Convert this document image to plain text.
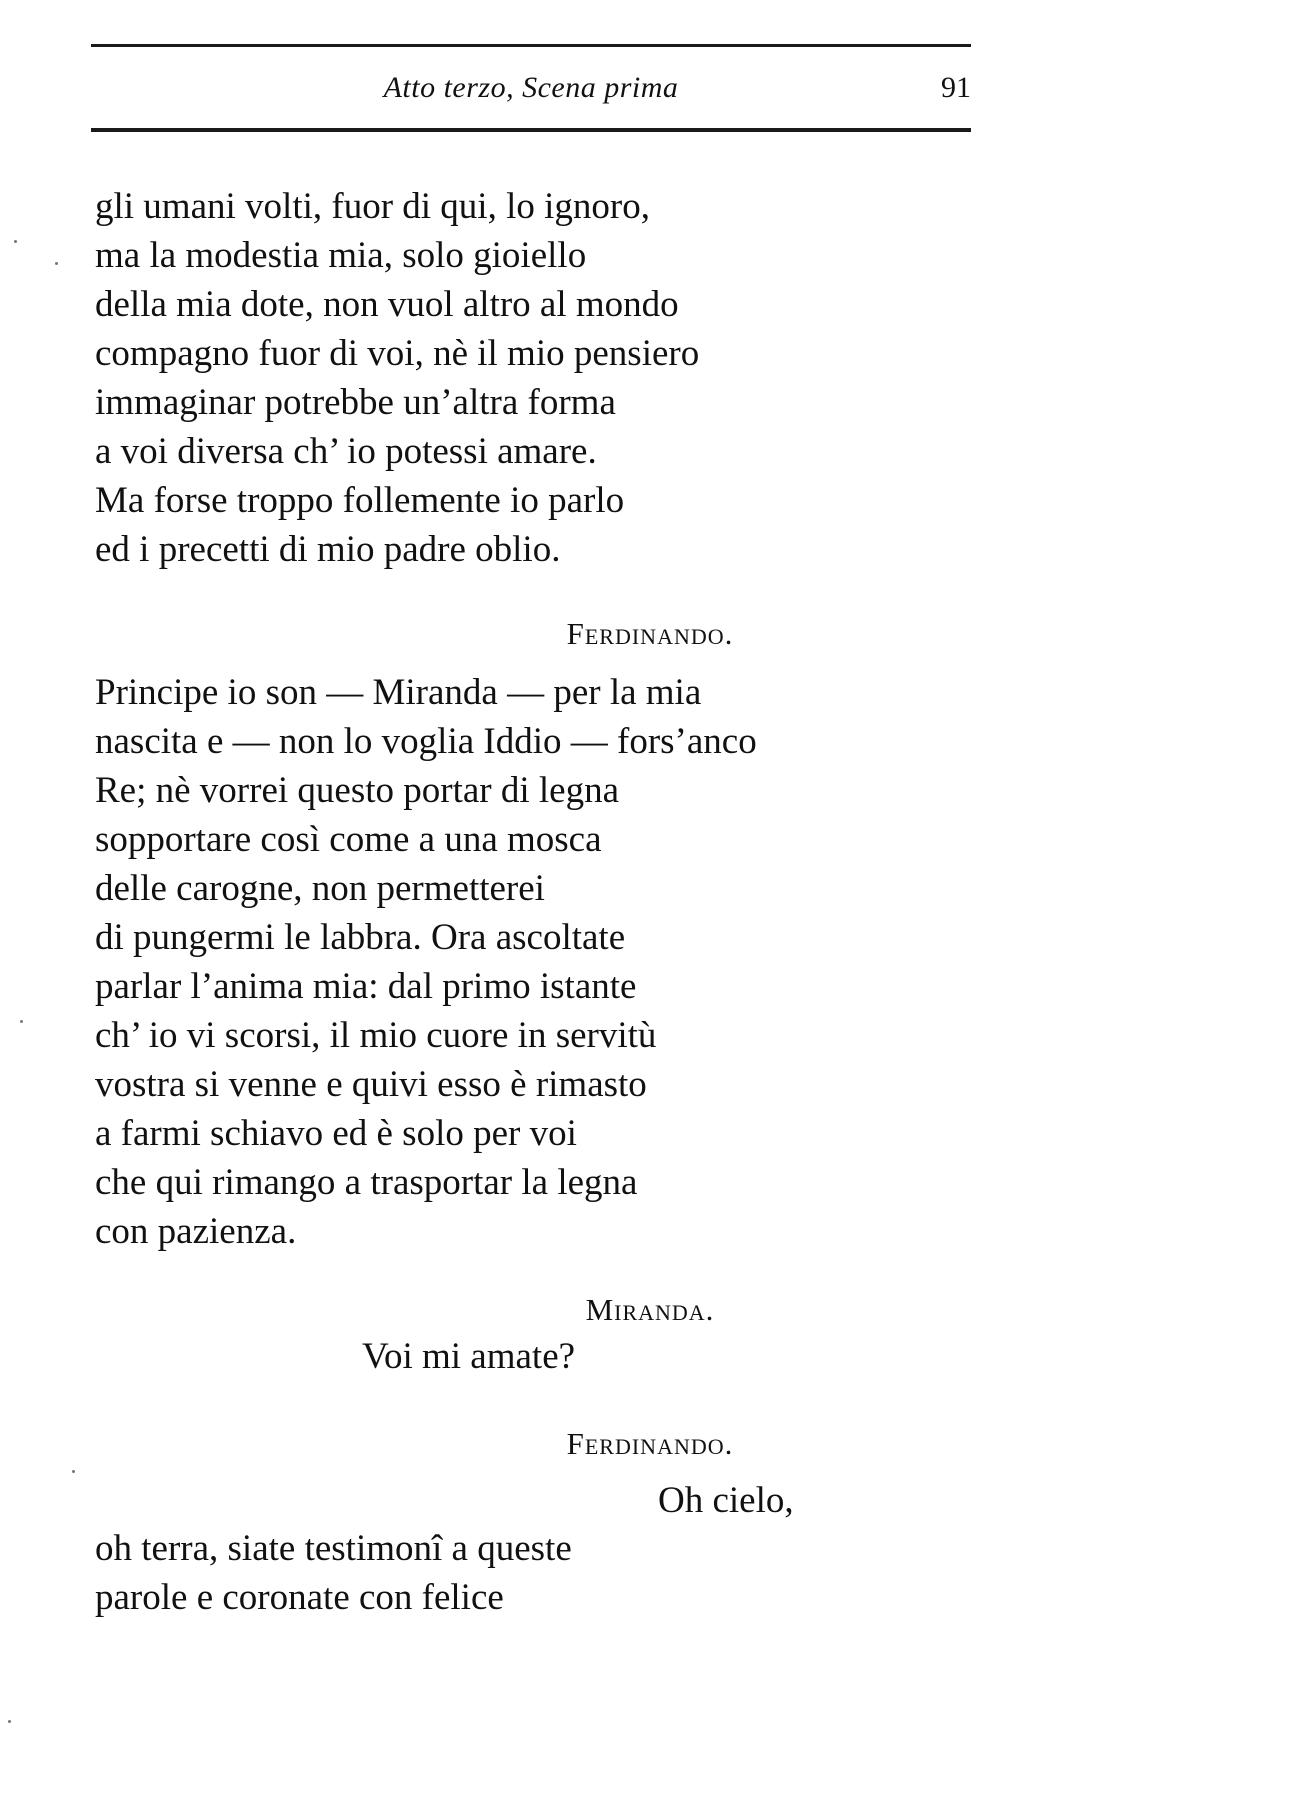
Atto terzo, Scena prima	91
gli umani volti, fuor di qui, lo ignoro,
ma la modestia mia, solo gioiello
della mia dote, non vuol altro al mondo
compagno fuor di voi, nè il mio pensiero
immaginar potrebbe un’altra forma
a voi diversa ch’ io potessi amare.
Ma forse troppo follemente io parlo
ed i precetti di mio padre oblio.
Ferdinando.
Principe io son — Miranda — per la mia
nascita e — non lo voglia Iddio — fors’anco
Re; nè vorrei questo portar di legna
sopportare così come a una mosca
delle carogne, non permetterei
di pungermi le labbra. Ora ascoltate
parlar l’anima mia: dal primo istante
ch’ io vi scorsi, il mio cuore in servitù
vostra si venne e quivi esso è rimasto
a farmi schiavo ed è solo per voi
che qui rimango a trasportar la legna
con pazienza.
Miranda.
Voi mi amate?
Ferdinando.
Oh cielo,
oh terra, siate testimonî a queste
parole e coronate con felice
